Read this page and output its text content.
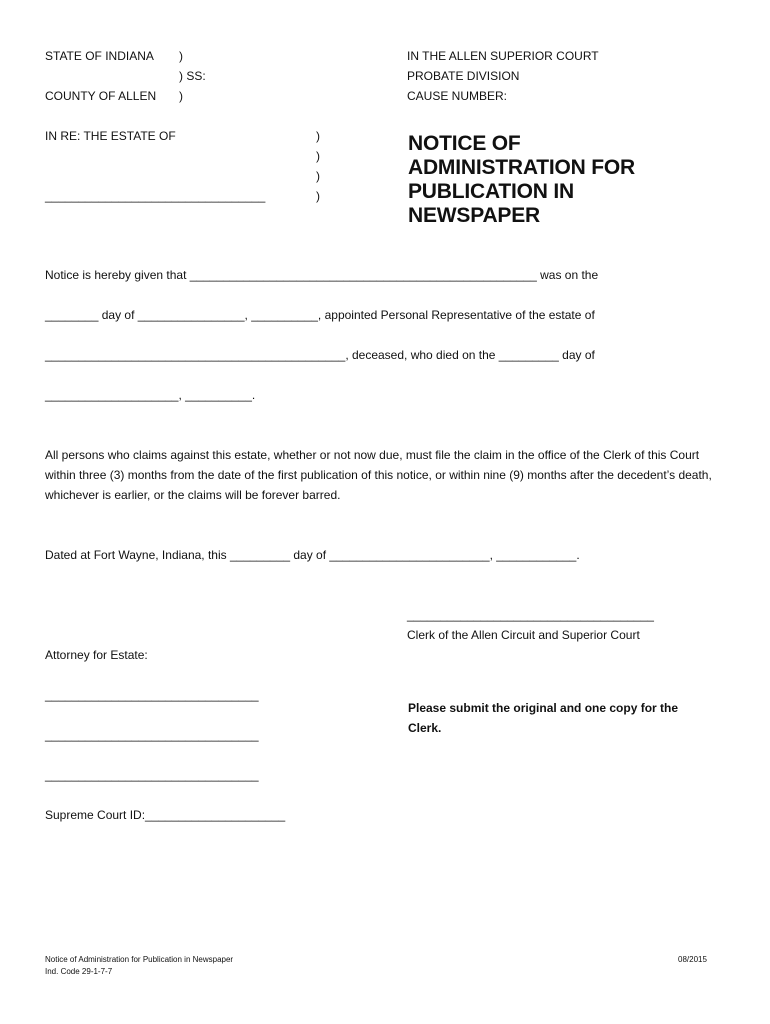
STATE OF INDIANA )
) SS:
COUNTY OF ALLEN )
IN THE ALLEN SUPERIOR COURT
PROBATE DIVISION
CAUSE NUMBER:
IN RE: THE ESTATE OF	)
)
)
_________________________________	)
NOTICE OF
ADMINISTRATION FOR
PUBLICATION IN
NEWSPAPER
Notice is hereby given that ____________________________________________________ was on the
________ day of ________________, __________, appointed Personal Representative of the estate of
_____________________________________________, deceased, who died on the _________ day of
____________________, __________.

All persons who claims against this estate, whether or not now due, must file the claim in the office of the Clerk of this Court within three (3) months from the date of the first publication of this notice, or within nine (9) months after the decedent’s death, whichever is earlier, or the claims will be forever barred.

Dated at Fort Wayne, Indiana, this _________ day of ________________________, ____________.
_____________________________________
Clerk of the Allen Circuit and Superior Court
Attorney for Estate:
________________________________
________________________________
________________________________
Supreme Court ID:_____________________
Please submit the original and one copy for the
Clerk.
Notice of Administration for Publication in Newspaper
Ind. Code 29-1-7-7
08/2015
